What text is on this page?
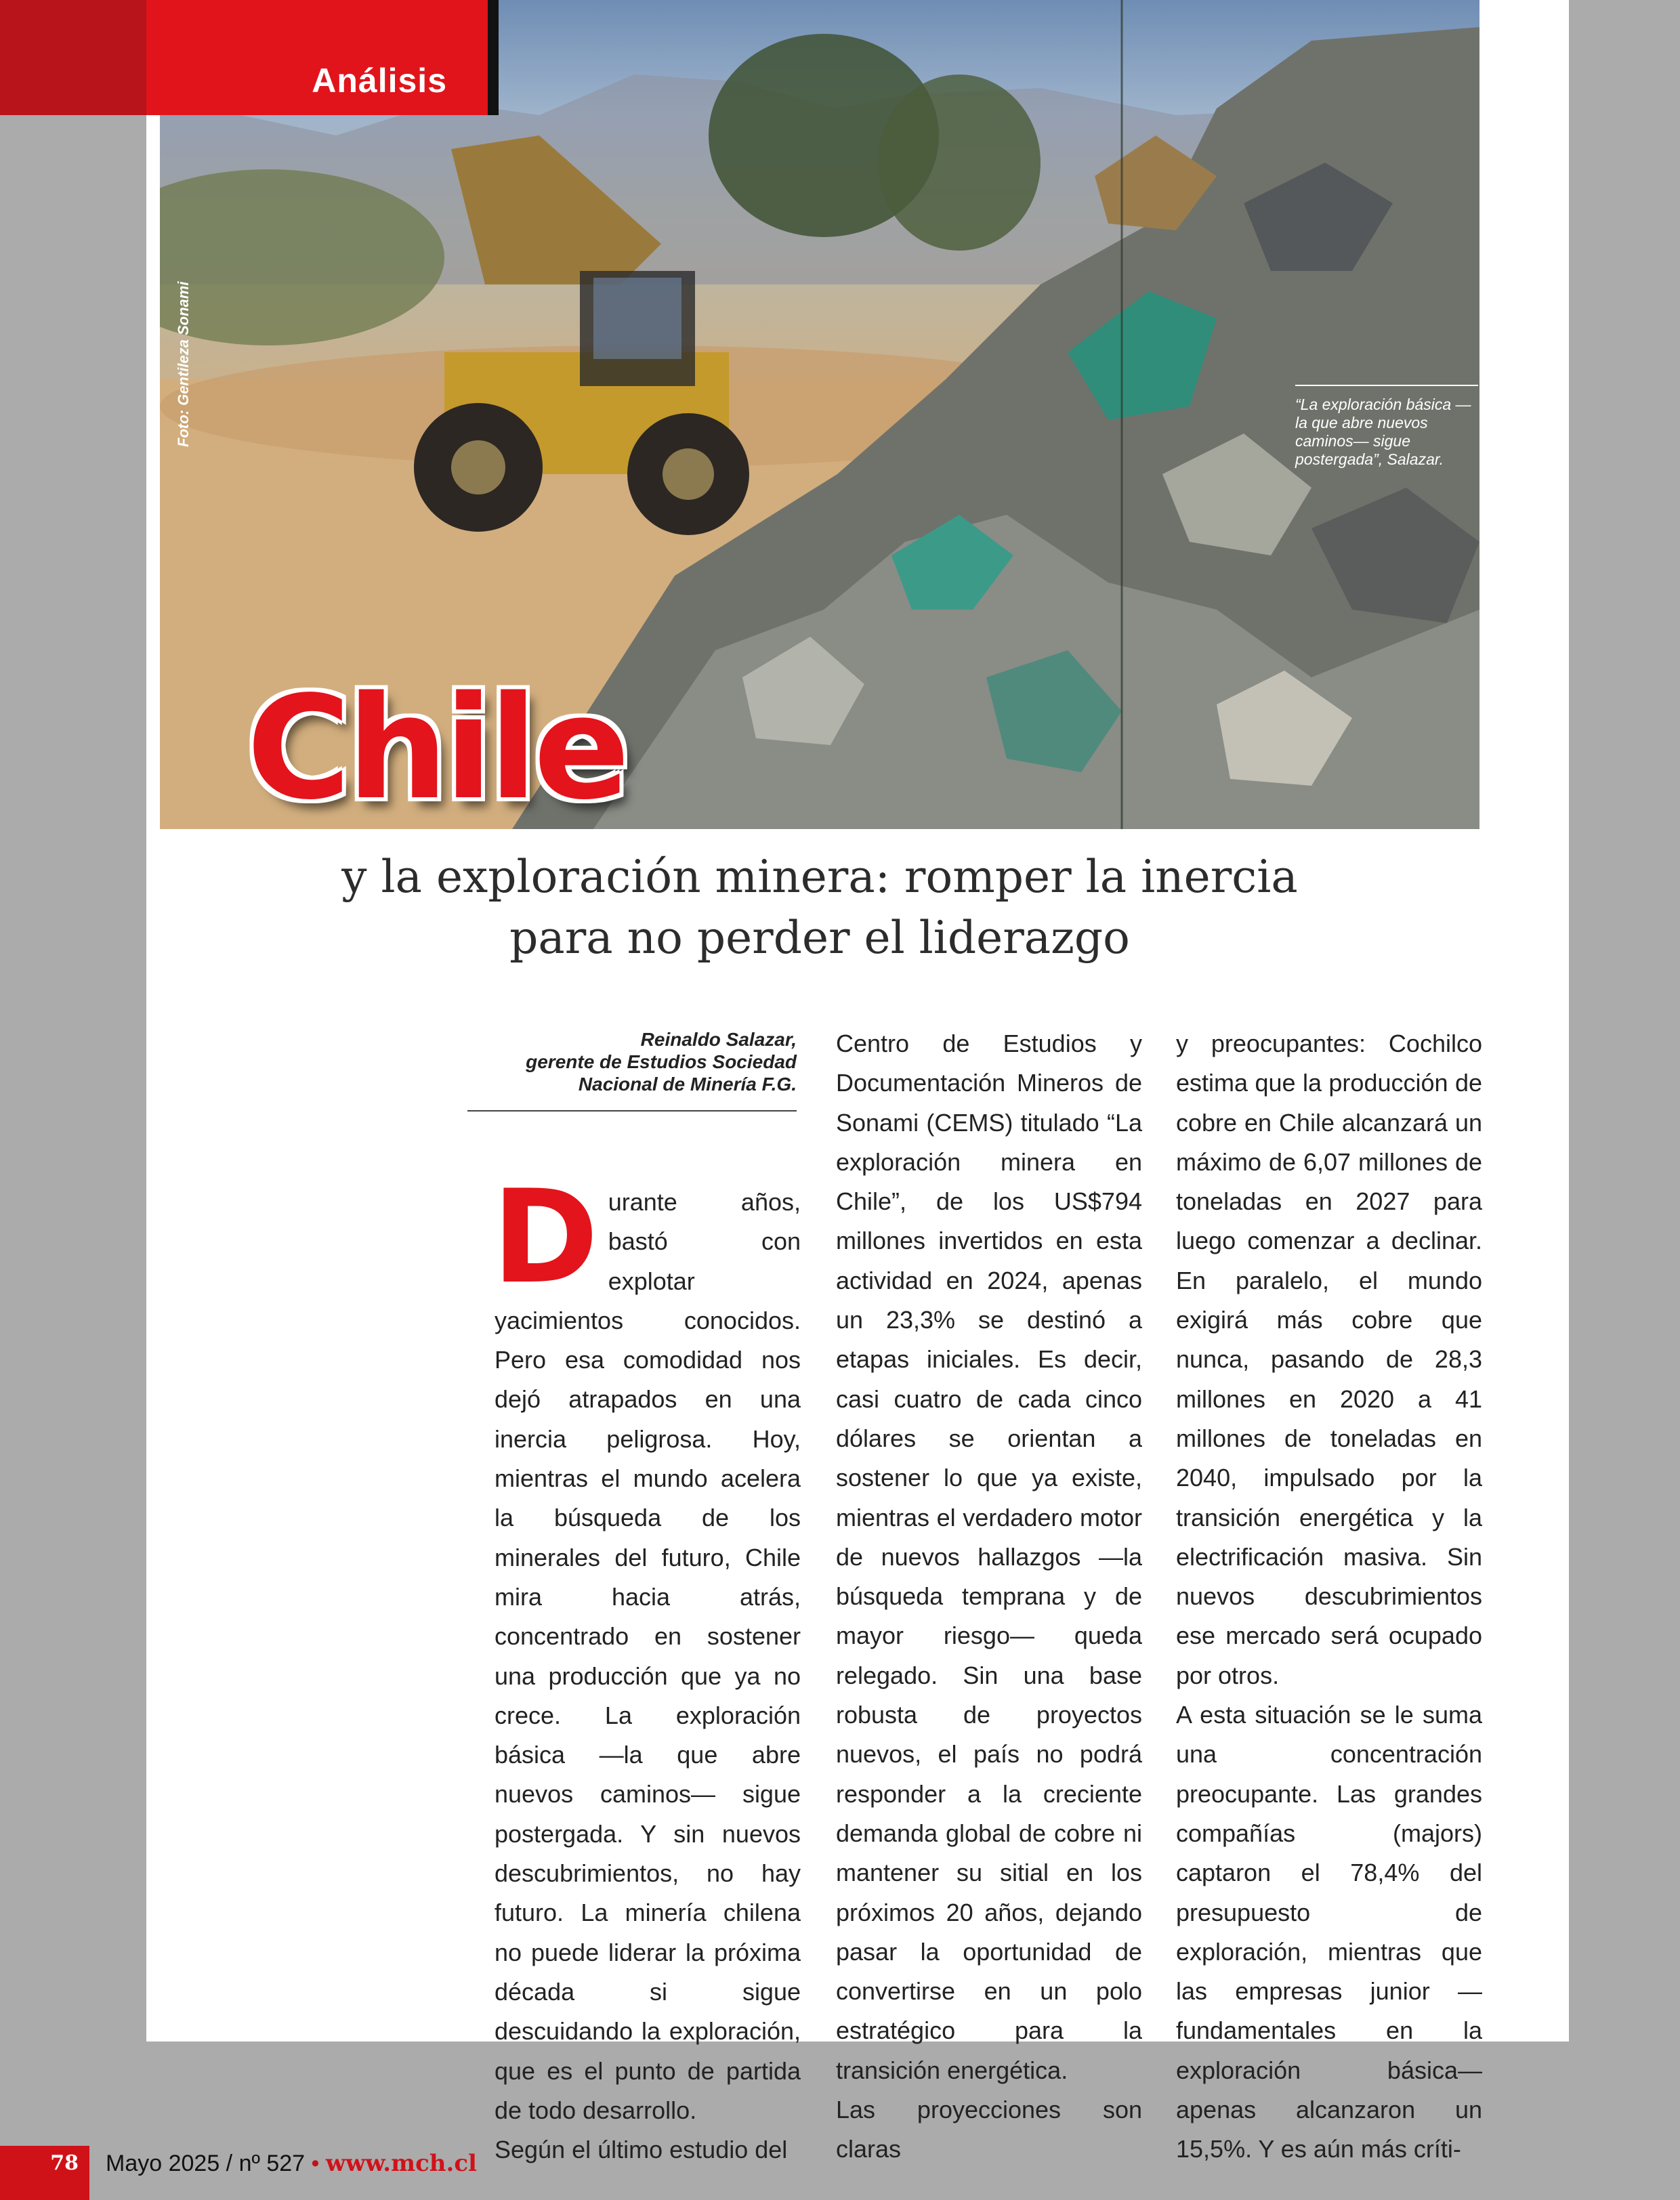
Foto: Gentileza Sonami	“La exploración básica —la que abre nuevos caminos— sigue postergada”, Salazar.

Análisis
Chile
y la exploración minera: romper la inercia
para no perder el liderazgo
Reinaldo Salazar,
gerente de Estudios Sociedad
Nacional de Minería F.G.

Durante años, bastó con explotar yacimientos conocidos. Pero esa comodidad nos dejó atrapados en una inercia peligrosa. Hoy, mientras el mundo acelera la búsqueda de los minerales del futuro, Chile mira hacia atrás, concentrado en sostener una producción que ya no crece. La exploración básica —la que abre nuevos caminos— sigue postergada. Y sin nuevos descubrimientos, no hay futuro. La minería chilena no puede liderar la próxima década si sigue descuidando la exploración, que es el punto de partida de todo desarrollo.

Según el último estudio del

Centro de Estudios y Documentación Mineros de Sonami (CEMS) titulado “La exploración minera en Chile”, de los US$794 millones invertidos en esta actividad en 2024, apenas un 23,3% se destinó a etapas iniciales. Es decir, casi cuatro de cada cinco dólares se orientan a sostener lo que ya existe, mientras el verdadero motor de nuevos hallazgos —la búsqueda temprana y de mayor riesgo— queda relegado. Sin una base robusta de proyectos nuevos, el país no podrá responder a la creciente demanda global de cobre ni mantener su sitial en los próximos 20 años, dejando pasar la oportunidad de convertirse en un polo estratégico para la transición energética.

Las proyecciones son claras

y preocupantes: Cochilco estima que la producción de cobre en Chile alcanzará un máximo de 6,07 millones de toneladas en 2027 para luego comenzar a declinar. En paralelo, el mundo exigirá más cobre que nunca, pasando de 28,3 millones en 2020 a 41 millones de toneladas en 2040, impulsado por la transición energética y la electrificación masiva. Sin nuevos descubrimientos ese mercado será ocupado por otros.

A esta situación se le suma una concentración preocupante. Las grandes compañías (majors) captaron el 78,4% del presupuesto de exploración, mientras que las empresas junior —fundamentales en la exploración básica— apenas alcanzaron un 15,5%. Y es aún más críti-

78 Mayo 2025 / nº 527 • www.mch.cl
